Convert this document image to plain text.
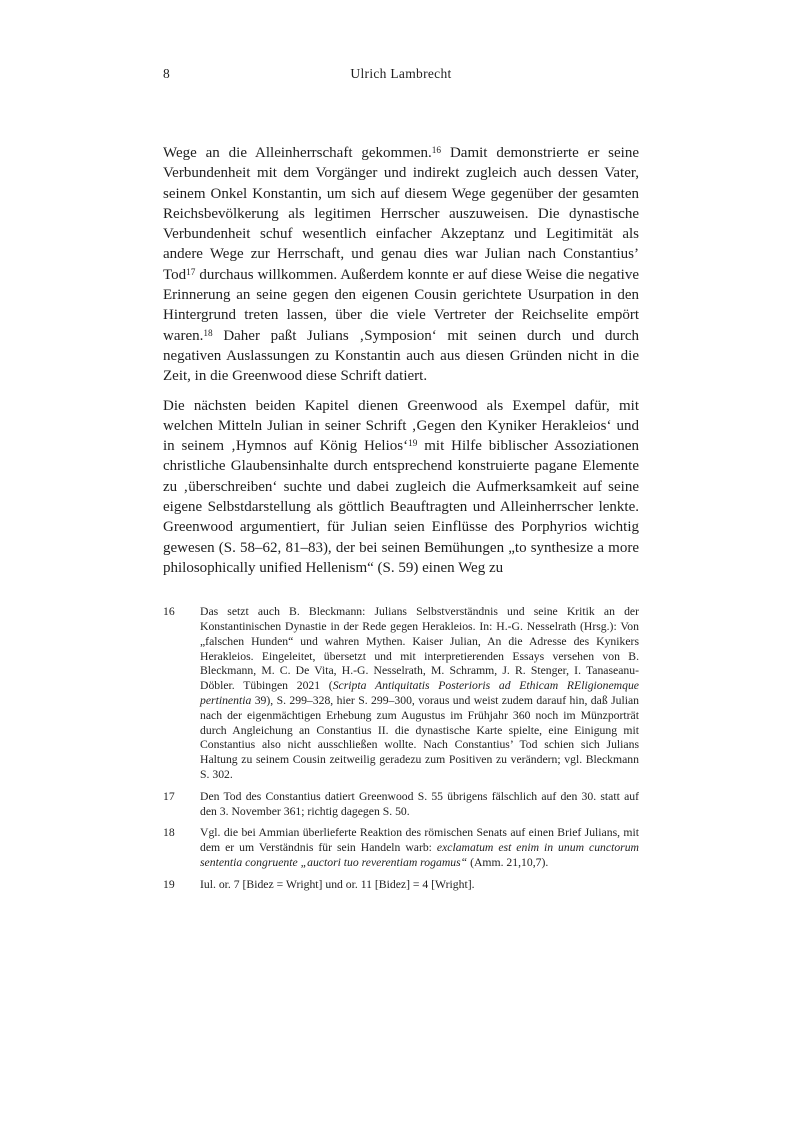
8	Ulrich Lambrecht

Wege an die Alleinherrschaft gekommen.$^{16}$ Damit demonstrierte er seine Verbundenheit mit dem Vorgänger und indirekt zugleich auch dessen Vater, seinem Onkel Konstantin, um sich auf diesem Wege gegenüber der gesamten Reichsbevölkerung als legitimen Herrscher auszuweisen. Die dynastische Verbundenheit schuf wesentlich einfacher Akzeptanz und Legitimität als andere Wege zur Herrschaft, und genau dies war Julian nach Constantius’ Tod$^{17}$ durchaus willkommen. Außerdem konnte er auf diese Weise die negative Erinnerung an seine gegen den eigenen Cousin gerichtete Usurpation in den Hintergrund treten lassen, über die viele Vertreter der Reichselite empört waren.$^{18}$ Daher paßt Julians ‚Symposion‘ mit seinen durch und durch negativen Auslassungen zu Konstantin auch aus diesen Gründen nicht in die Zeit, in die Greenwood diese Schrift datiert.

Die nächsten beiden Kapitel dienen Greenwood als Exempel dafür, mit welchen Mitteln Julian in seiner Schrift ‚Gegen den Kyniker Herakleios‘ und in seinem ‚Hymnos auf König Helios‘$^{19}$ mit Hilfe biblischer Assoziationen christliche Glaubensinhalte durch entsprechend konstruierte pagane Elemente zu ‚überschreiben‘ suchte und dabei zugleich die Aufmerksamkeit auf seine eigene Selbstdarstellung als göttlich Beauftragten und Alleinherrscher lenkte. Greenwood argumentiert, für Julian seien Einflüsse des Porphyrios wichtig gewesen (S. 58–62, 81–83), der bei seinen Bemühungen „to synthesize a more philosophically unified Hellenism“ (S. 59) einen Weg zu

16	Das setzt auch B. Bleckmann: Julians Selbstverständnis und seine Kritik an der Konstantinischen Dynastie in der Rede gegen Herakleios. In: H.-G. Nesselrath (Hrsg.): Von „falschen Hunden“ und wahren Mythen. Kaiser Julian, An die Adresse des Kynikers Herakleios. Eingeleitet, übersetzt und mit interpretierenden Essays versehen von B. Bleckmann, M. C. De Vita, H.-G. Nesselrath, M. Schramm, J. R. Stenger, I. Tanaseanu-Döbler. Tübingen 2021 (Scripta Antiquitatis Posterioris ad Ethicam REligionemque pertinentia 39), S. 299–328, hier S. 299–300, voraus und weist zudem darauf hin, daß Julian nach der eigenmächtigen Erhebung zum Augustus im Frühjahr 360 noch im Münzporträt durch Angleichung an Constantius II. die dynastische Karte spielte, eine Einigung mit Constantius also nicht ausschließen wollte. Nach Constantius’ Tod schien sich Julians Haltung zu seinem Cousin zeitweilig geradezu zum Positiven zu verändern; vgl. Bleckmann S. 302.
17	Den Tod des Constantius datiert Greenwood S. 55 übrigens fälschlich auf den 30. statt auf den 3. November 361; richtig dagegen S. 50.
18	Vgl. die bei Ammian überlieferte Reaktion des römischen Senats auf einen Brief Julians, mit dem er um Verständnis für sein Handeln warb: exclamatum est enim in unum cunctorum sententia congruente „auctori tuo reverentiam rogamus“ (Amm. 21,10,7).
19	Iul. or. 7 [Bidez = Wright] und or. 11 [Bidez] = 4 [Wright].
